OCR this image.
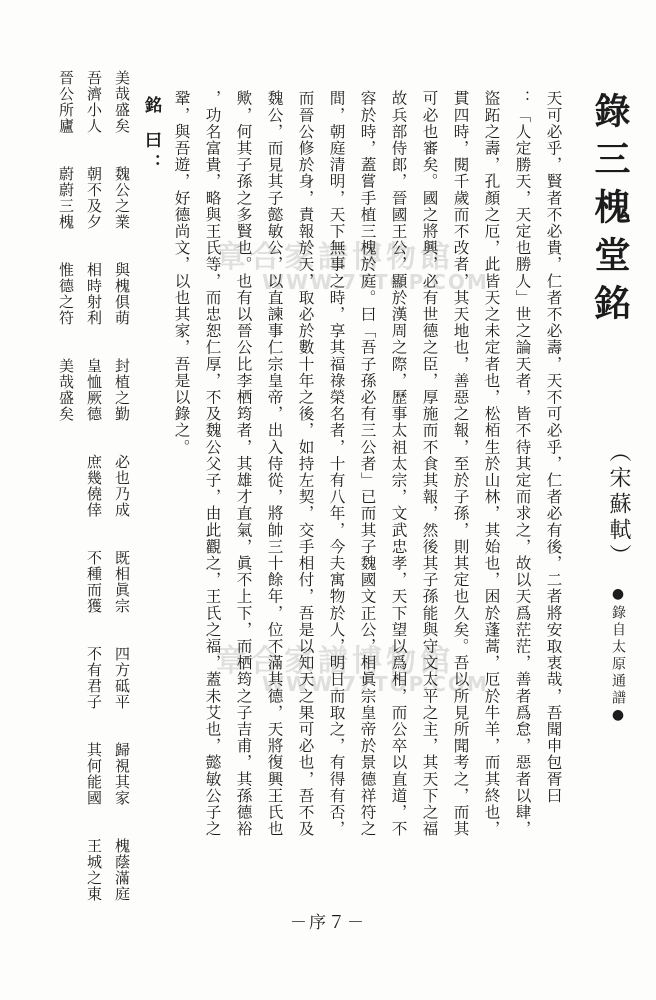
章合家譜博物館
WWW.77TOP.COM
章合家譜博物館
WWW.77TOP.COM
錄三槐堂銘
（宋蘇軾）
●錄自太原通譜●
天可必乎，賢者不必貴，仁者不必壽，天不可必乎，仁者必有後，二者將安取衷哉，吾聞申包胥曰
：「人定勝天，天定也勝人」世之論天者，皆不待其定而求之，故以天爲茫茫，善者爲怠，惡者以肆，
盜跖之壽，孔顏之厄，此皆天之未定者也，松栢生於山林，其始也，困於蓬蒿，厄於牛羊，而其終也，
貫四時，閱千歲而不改者，其天地也，善惡之報，至於子孫，則其定也久矣。吾以所見所聞考之，而其
可必也審矣。國之將興，必有世德之臣，厚施而不食其報，然後其子孫能與守文太平之主，其天下之福
故兵部侍郎，晉國王公，顯於漢周之際，歷事太祖太宗，文武忠孝，天下望以爲相，而公卒以直道，不
容於時，蓋嘗手植三槐於庭。曰「吾子孫必有三公者」已而其子魏國文正公，相眞宗皇帝於景德祥符之
間，朝庭清明，天下無事之時，享其福祿榮名者，十有八年，今夫寓物於人，明日而取之，有得有否，
而晉公修於身，責報於天，取必於數十年之後，如持左契，交手相付，吾是以知天之果可必也，吾不及
魏公，而見其子懿敏公，以直諫事仁宗皇帝，出入侍從，將帥三十餘年，位不滿其德，天將復興王氏也
歟，何其子孫之多賢也。也有以晉公比李栖筠者，其雄才直氣，眞不上下，而栖筠之子吉甫，其孫德裕
，功名富貴，略與王氏等，而忠恕仁厚，不及魏公父子，由此觀之，王氏之福，蓋未艾也，懿敏公子之
鞏，與吾遊，好德尚文，以也其家，吾是以錄之。
銘 曰：
美哉盛矣魏公之業與槐俱萌封植之勤必也乃成既相眞宗四方砥平歸視其家槐蔭滿庭
吾濟小人朝不及夕相時射利皇恤厥德庶幾僥倖不種而獲不有君子其何能國王城之東
晉公所廬蔚蔚三槐惟德之符美哉盛矣
－序７－
